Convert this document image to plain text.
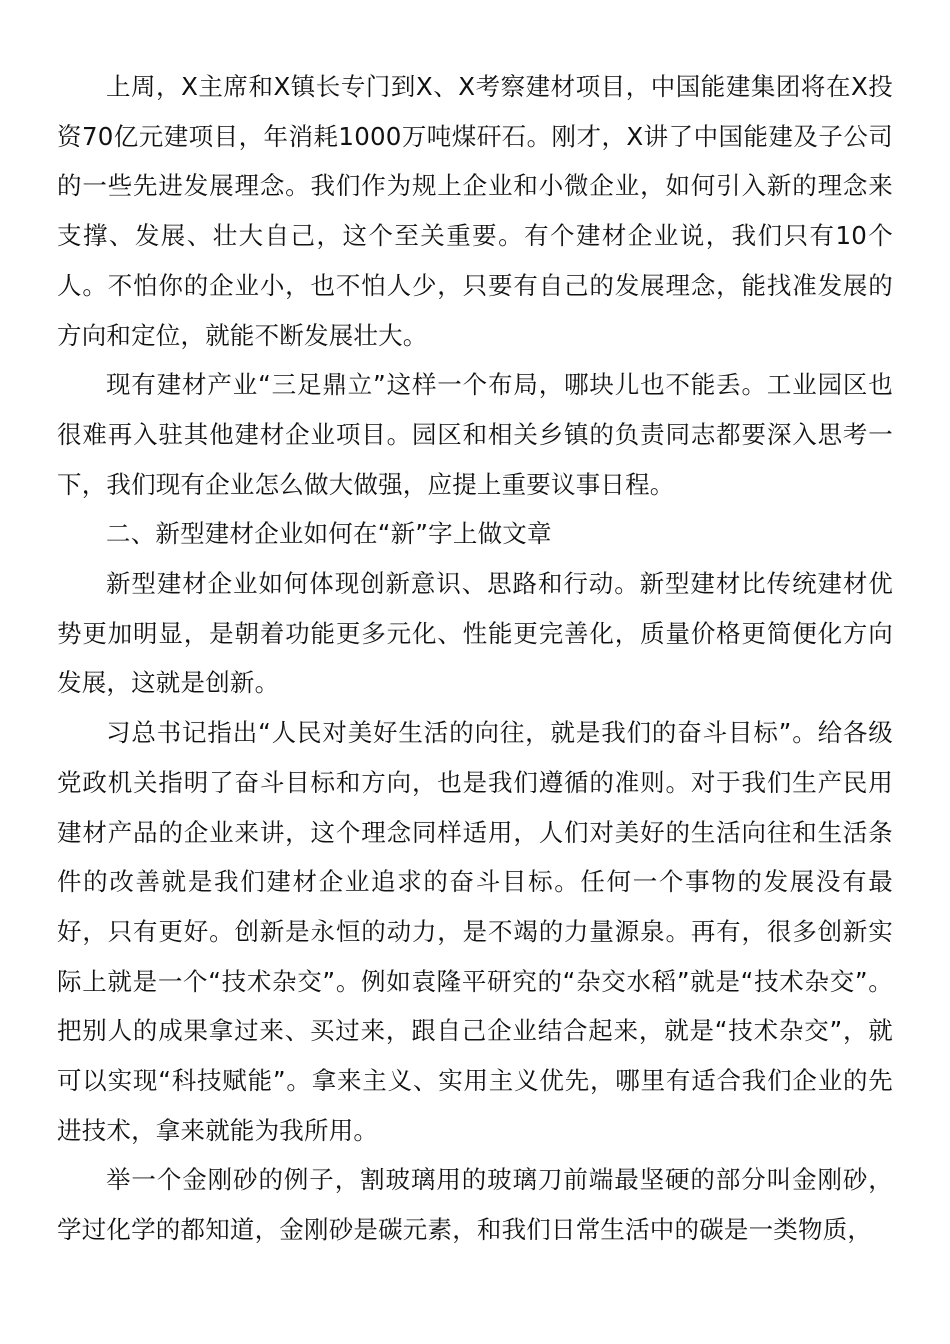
上周，X主席和X镇长专门到X、X考察建材项目，中国能建集团将在X投资70亿元建项目，年消耗1000万吨煤矸石。刚才，X讲了中国能建及子公司的一些先进发展理念。我们作为规上企业和小微企业，如何引入新的理念来支撑、发展、壮大自己，这个至关重要。有个建材企业说，我们只有10个人。不怕你的企业小，也不怕人少，只要有自己的发展理念，能找准发展的方向和定位，就能不断发展壮大。

现有建材产业“三足鼎立”这样一个布局，哪块儿也不能丢。工业园区也很难再入驻其他建材企业项目。园区和相关乡镇的负责同志都要深入思考一下，我们现有企业怎么做大做强，应提上重要议事日程。

二、新型建材企业如何在“新”字上做文章

新型建材企业如何体现创新意识、思路和行动。新型建材比传统建材优势更加明显，是朝着功能更多元化、性能更完善化，质量价格更简便化方向发展，这就是创新。

习总书记指出“人民对美好生活的向往，就是我们的奋斗目标”。给各级党政机关指明了奋斗目标和方向，也是我们遵循的准则。对于我们生产民用建材产品的企业来讲，这个理念同样适用，人们对美好的生活向往和生活条件的改善就是我们建材企业追求的奋斗目标。任何一个事物的发展没有最好，只有更好。创新是永恒的动力，是不竭的力量源泉。再有，很多创新实际上就是一个“技术杂交”。例如袁隆平研究的“杂交水稻”就是“技术杂交”。把别人的成果拿过来、买过来，跟自己企业结合起来，就是“技术杂交”，就可以实现“科技赋能”。拿来主义、实用主义优先，哪里有适合我们企业的先进技术，拿来就能为我所用。

举一个金刚砂的例子，割玻璃用的玻璃刀前端最坚硬的部分叫金刚砂，学过化学的都知道，金刚砂是碳元素，和我们日常生活中的碳是一类物质，
